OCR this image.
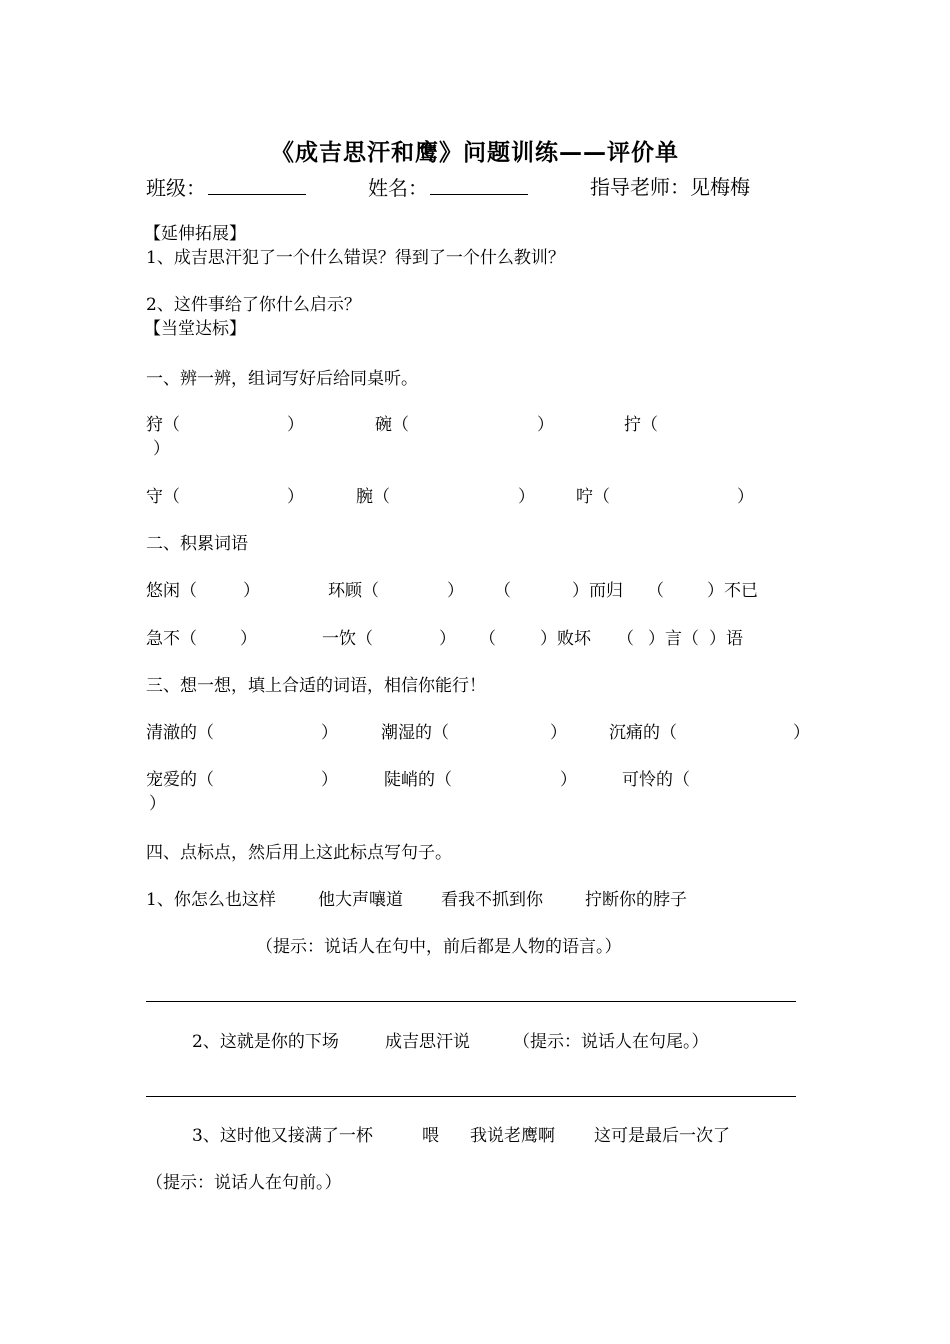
《成吉思汗和鹰》问题训练——评价单
班级：	姓名：	指导老师：见梅梅
【延伸拓展】
1、成吉思汗犯了一个什么错误？得到了一个什么教训？
2、这件事给了你什么启示？
【当堂达标】
一、辨一辨，组词写好后给同桌听。
狩（	）	碗（	）	拧（
）
守（	）	腕（	） 咛（	）
二、积累词语
悠闲（	）	环顾（	） （	）而归 （	）不已
急不（	）	一饮（	） （	）败坏 （ ）言（ ）语
三、想一想，填上合适的词语，相信你能行！
清澈的（	）	潮湿的（	） 沉痛的（	）
宠爱的（	）	陡峭的（	）	可怜的（
）
四、点标点，然后用上这此标点写句子。
1、你怎么也这样 他大声嚷道 看我不抓到你 拧断你的脖子
（提示：说话人在句中，前后都是人物的语言。）
2、这就是你的下场	成吉思汗说	（提示：说话人在句尾。）
3、这时他又接满了一杯	喂 我说老鹰啊 这可是最后一次了
（提示：说话人在句前。）
